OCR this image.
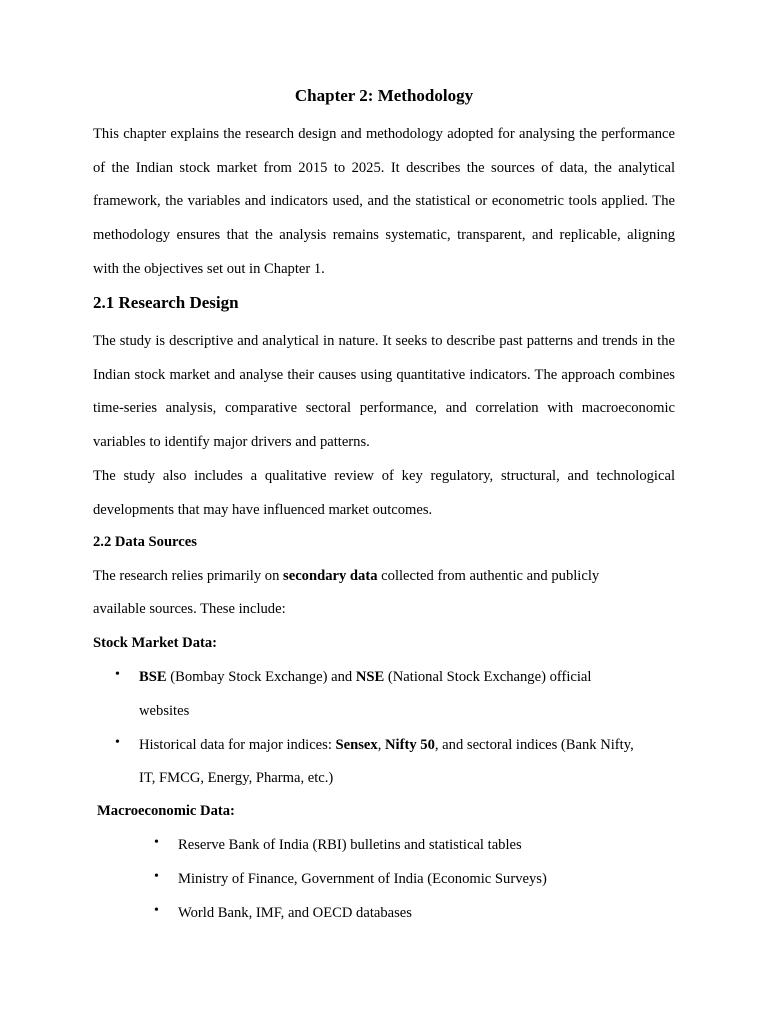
Chapter 2: Methodology
This chapter explains the research design and methodology adopted for analysing the performance of the Indian stock market from 2015 to 2025. It describes the sources of data, the analytical framework, the variables and indicators used, and the statistical or econometric tools applied. The methodology ensures that the analysis remains systematic, transparent, and replicable, aligning with the objectives set out in Chapter 1.
2.1 Research Design
The study is descriptive and analytical in nature. It seeks to describe past patterns and trends in the Indian stock market and analyse their causes using quantitative indicators. The approach combines time-series analysis, comparative sectoral performance, and correlation with macroeconomic variables to identify major drivers and patterns.
The study also includes a qualitative review of key regulatory, structural, and technological developments that may have influenced market outcomes.
2.2 Data Sources
The research relies primarily on secondary data collected from authentic and publicly
available sources. These include:
Stock Market Data:
• BSE (Bombay Stock Exchange) and NSE (National Stock Exchange) official
websites
• Historical data for major indices: Sensex, Nifty 50, and sectoral indices (Bank Nifty,
IT, FMCG, Energy, Pharma, etc.)
Macroeconomic Data:
• Reserve Bank of India (RBI) bulletins and statistical tables
• Ministry of Finance, Government of India (Economic Surveys)
• World Bank, IMF, and OECD databases
